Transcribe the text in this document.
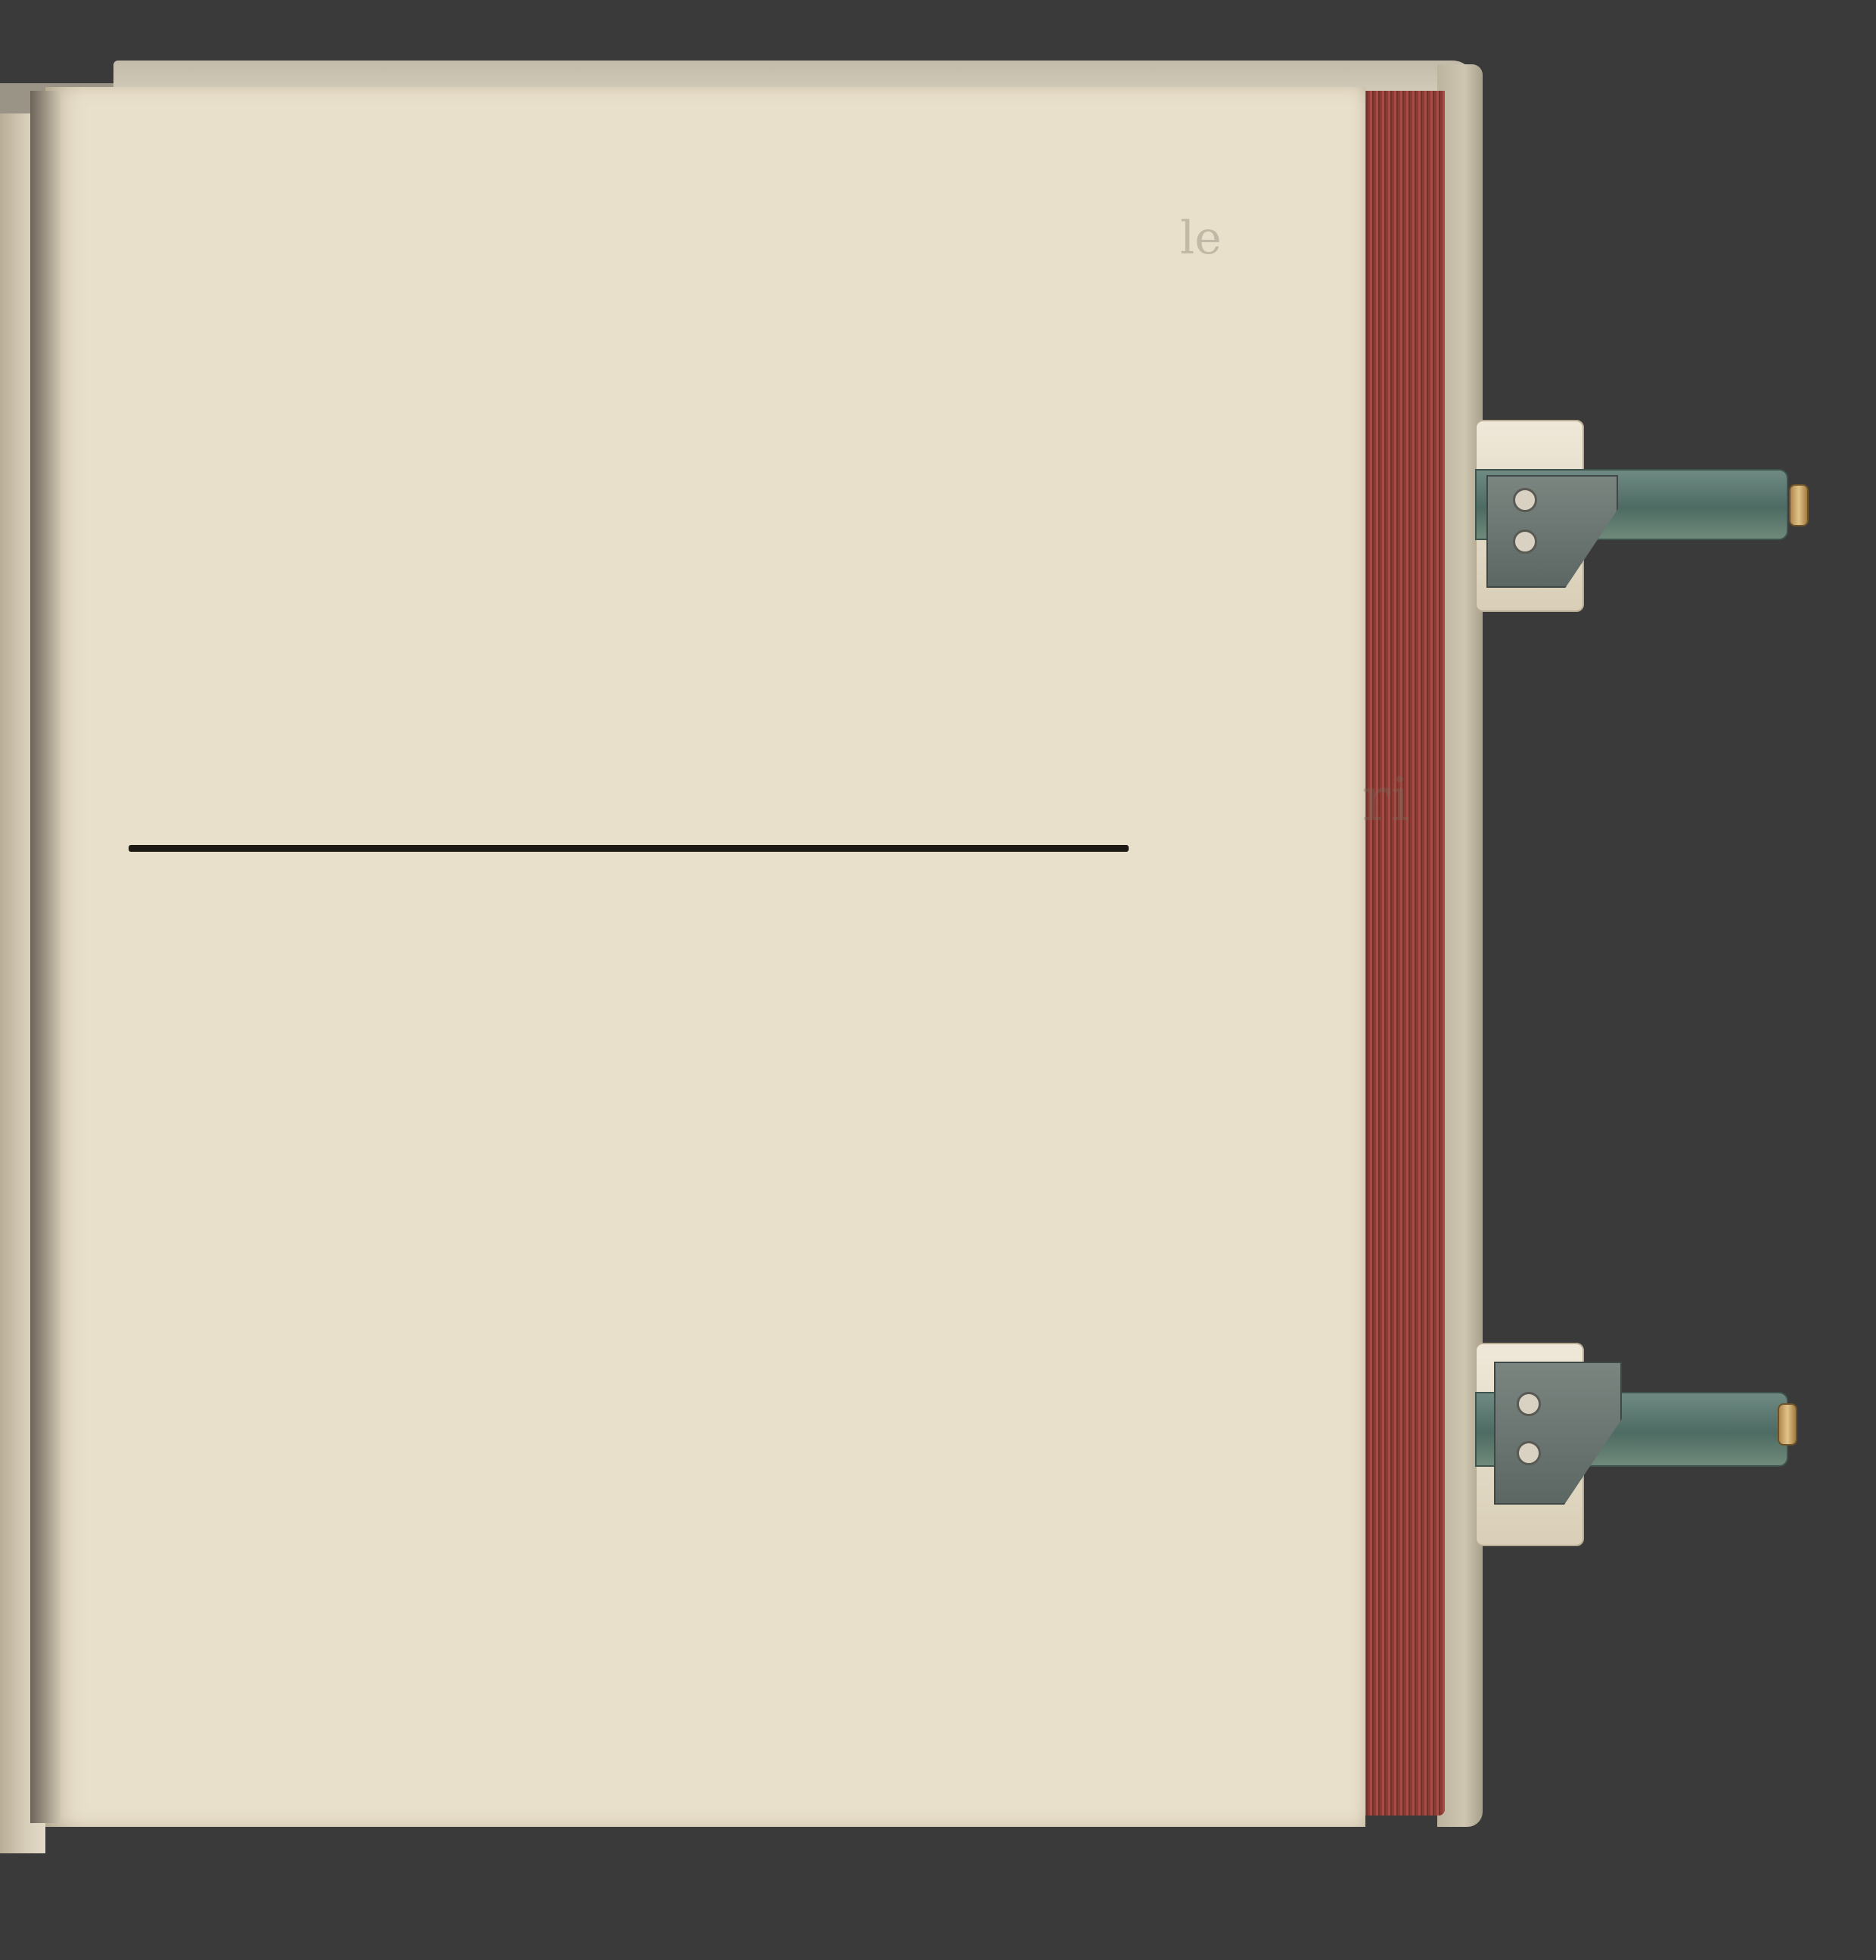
le
ri
